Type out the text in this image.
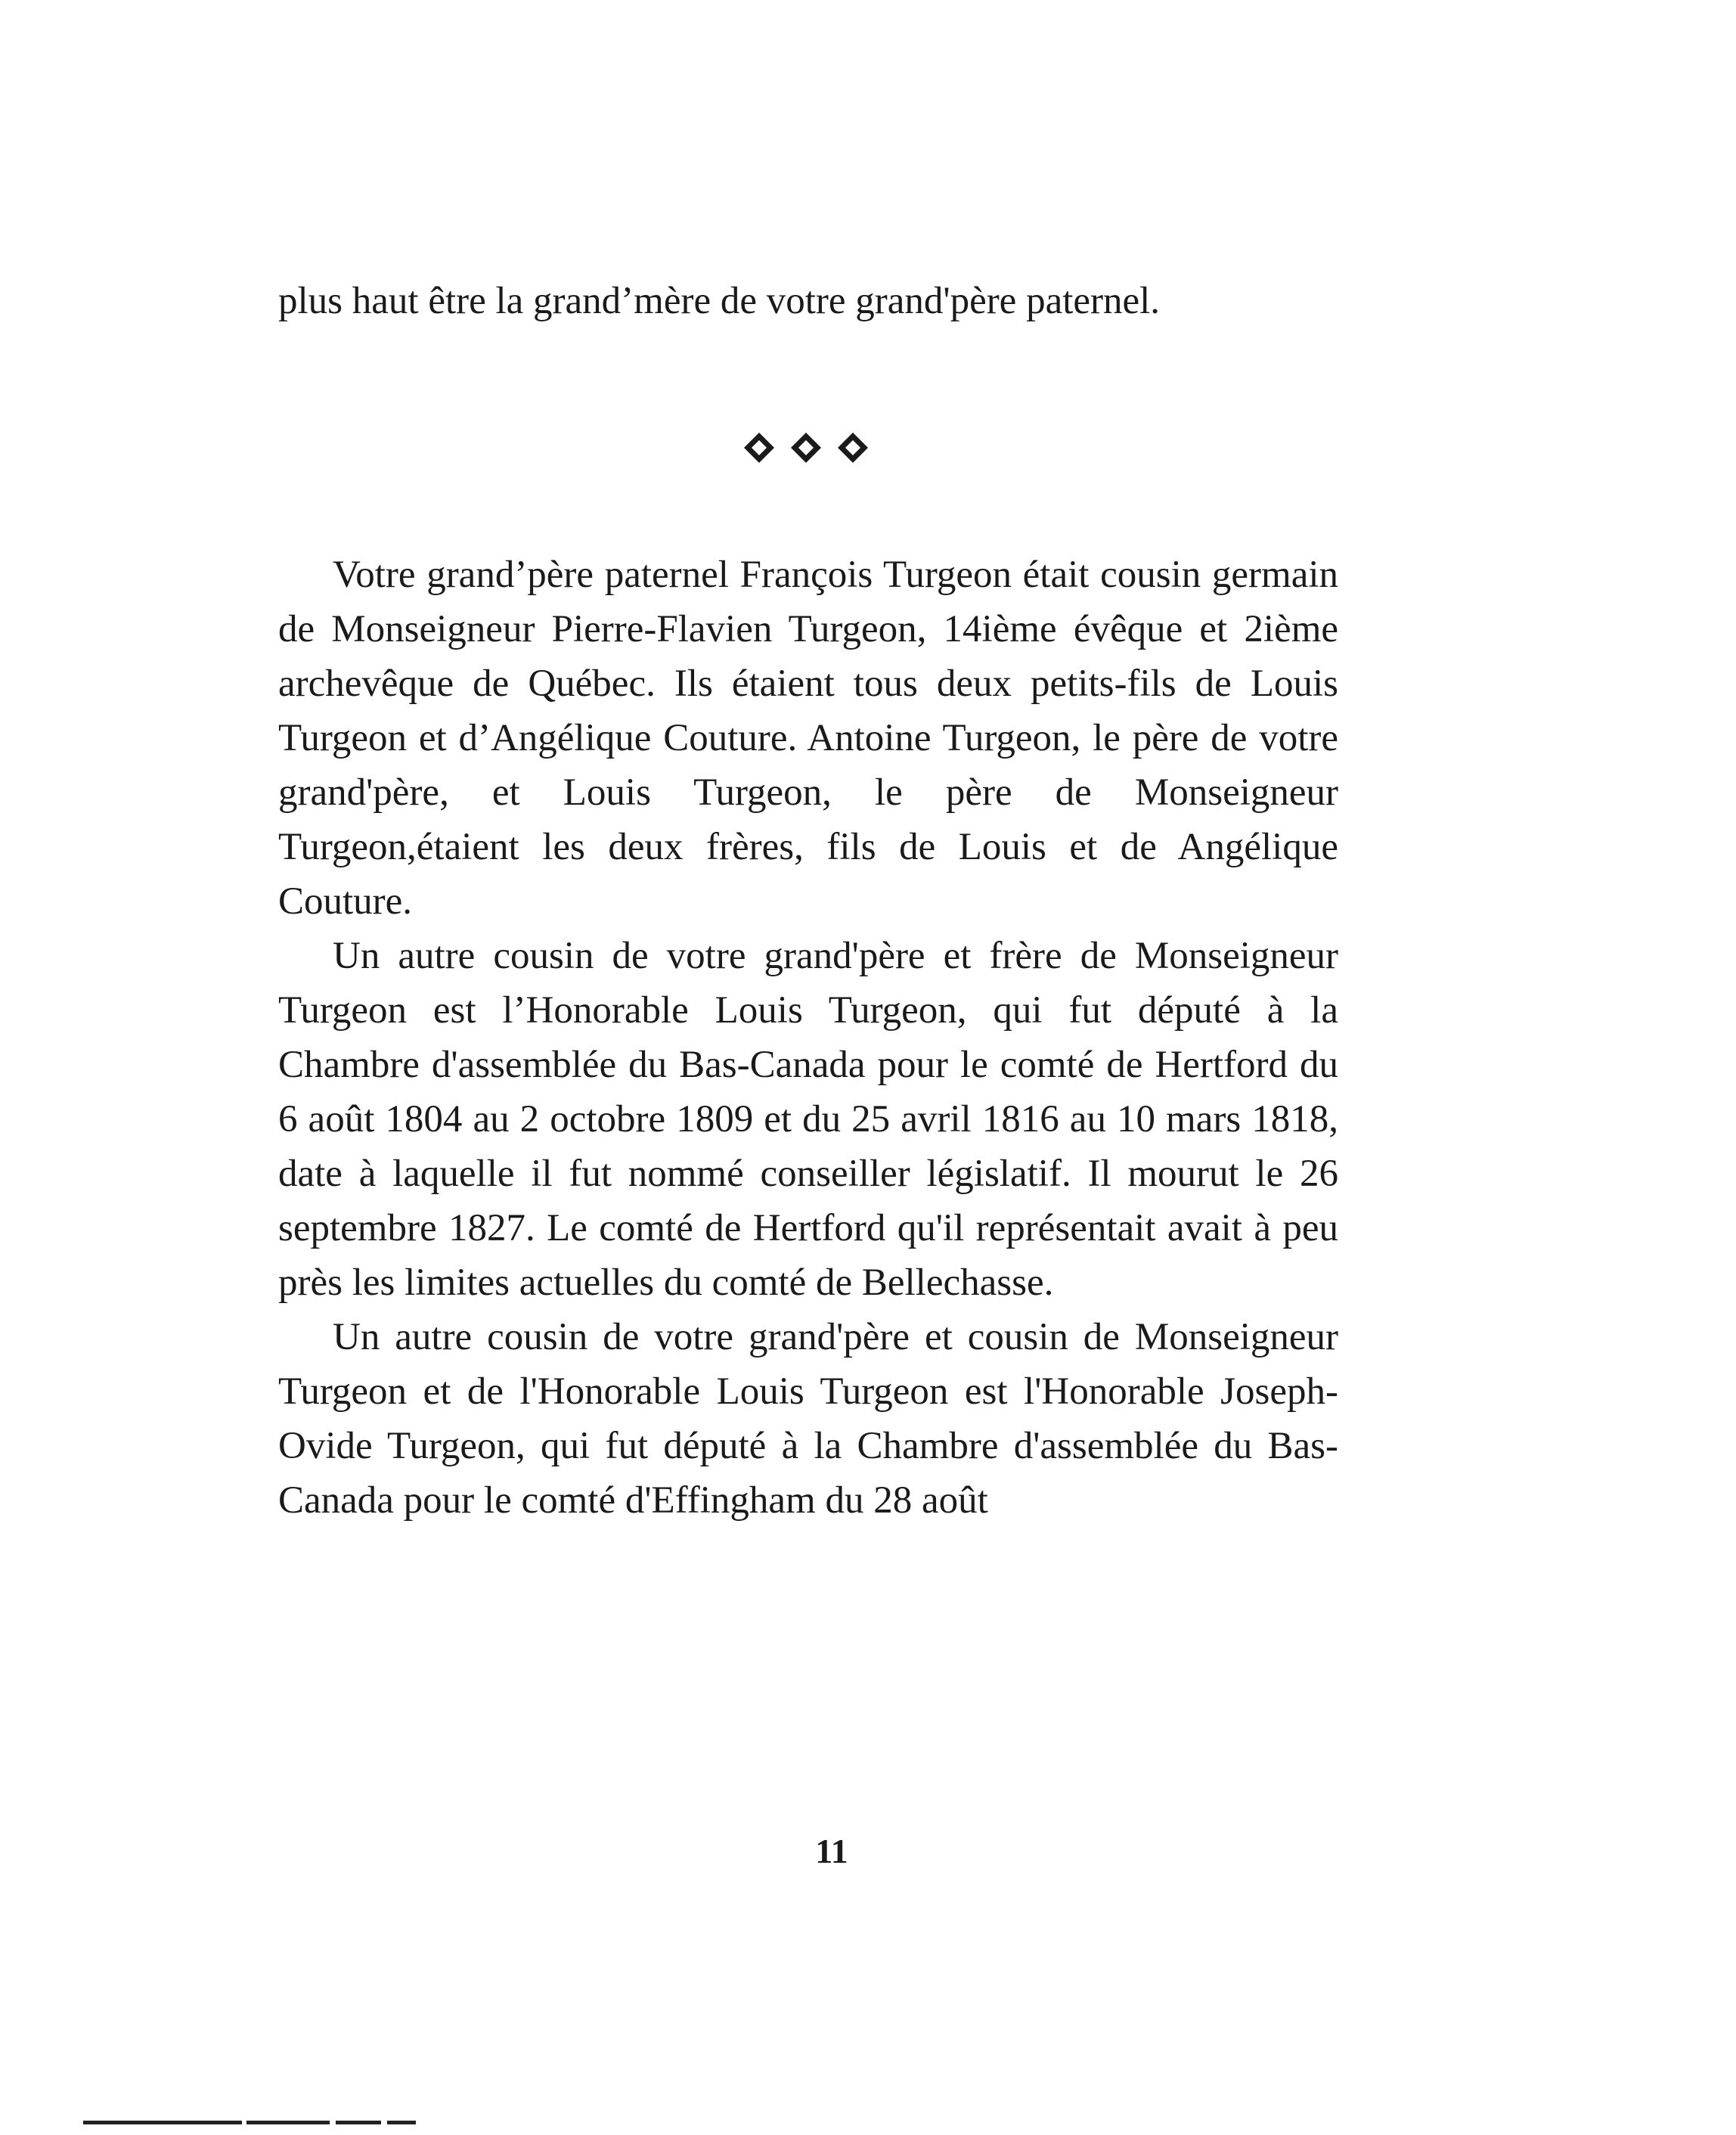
plus haut être la grand’mère de votre grand'père paternel.

Votre grand’père paternel François Turgeon était cousin germain de Monseigneur Pierre-Flavien Turgeon, 14ième évêque et 2ième archevêque de Québec. Ils étaient tous deux petits-fils de Louis Turgeon et d’Angélique Couture. Antoine Turgeon, le père de votre grand'père, et Louis Turgeon, le père de Monseigneur Turgeon,étaient les deux frères, fils de Louis et de Angélique Couture.

Un autre cousin de votre grand'père et frère de Monseigneur Turgeon est l’Honorable Louis Turgeon, qui fut député à la Chambre d'assemblée du Bas-Canada pour le comté de Hertford du 6 août 1804 au 2 octobre 1809 et du 25 avril 1816 au 10 mars 1818, date à laquelle il fut nommé conseiller législatif. Il mourut le 26 septembre 1827. Le comté de Hertford qu'il représentait avait à peu près les limites actuelles du comté de Bellechasse.

Un autre cousin de votre grand'père et cousin de Monseigneur Turgeon et de l'Honorable Louis Turgeon est l'Honorable Joseph-Ovide Turgeon, qui fut député à la Chambre d'assemblée du Bas-Canada pour le comté d'Effingham du 28 août

11
